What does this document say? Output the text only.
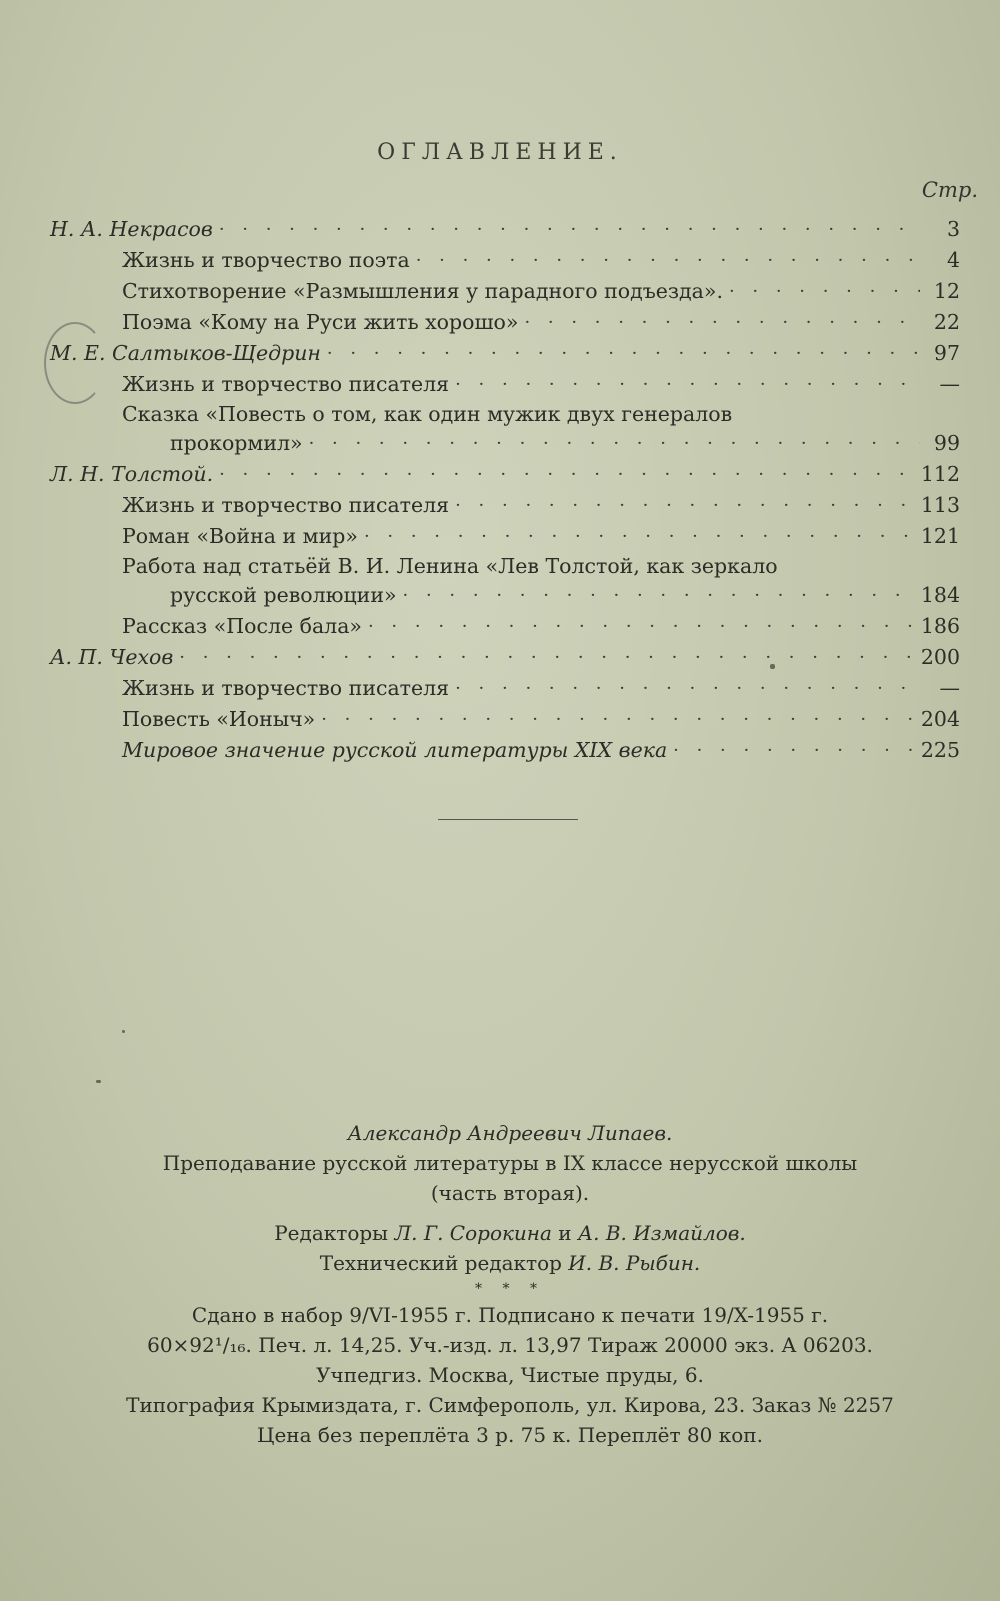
ОГЛАВЛЕНИЕ.
Стр.
Н. А. Некрасов · · ·	3
Жизнь и творчество поэта · · ·	4
Стихотворение «Размышления у парадного подъезда». · · ·	12
Поэма «Кому на Руси жить хорошо» · · ·	22
М. Е. Салтыков-Щедрин · · ·	97
Жизнь и творчество писателя · · ·	—
Сказка «Повесть о том, как один мужик двух генералов
прокормил» · · ·	99
Л. Н. Толстой. · · ·	112
Жизнь и творчество писателя · · ·	113
Роман «Война и мир» · · ·	121
Работа над статьёй В. И. Ленина «Лев Толстой, как зеркало
русской революции» · · ·	184
Рассказ «После бала» · · ·	186
А. П. Чехов · · ·	200
Жизнь и творчество писателя · · ·	—
Повесть «Ионыч» · · ·	204
Мировое значение русской литературы XIX века · · ·	225
Александр Андреевич Липаев.
Преподавание русской литературы в IX классе нерусской школы
(часть вторая).
Редакторы Л. Г. Сорокина и А. В. Измайлов.
Технический редактор И. В. Рыбин.
* * *
Сдано в набор 9/VI-1955 г. Подписано к печати 19/X-1955 г.
60×92¹/₁₆. Печ. л. 14,25. Уч.-изд. л. 13,97 Тираж 20000 экз. А 06203.
Учпедгиз. Москва, Чистые пруды, 6.
Типография Крымиздата, г. Симферополь, ул. Кирова, 23. Заказ № 2257
Цена без переплёта 3 р. 75 к. Переплёт 80 коп.
